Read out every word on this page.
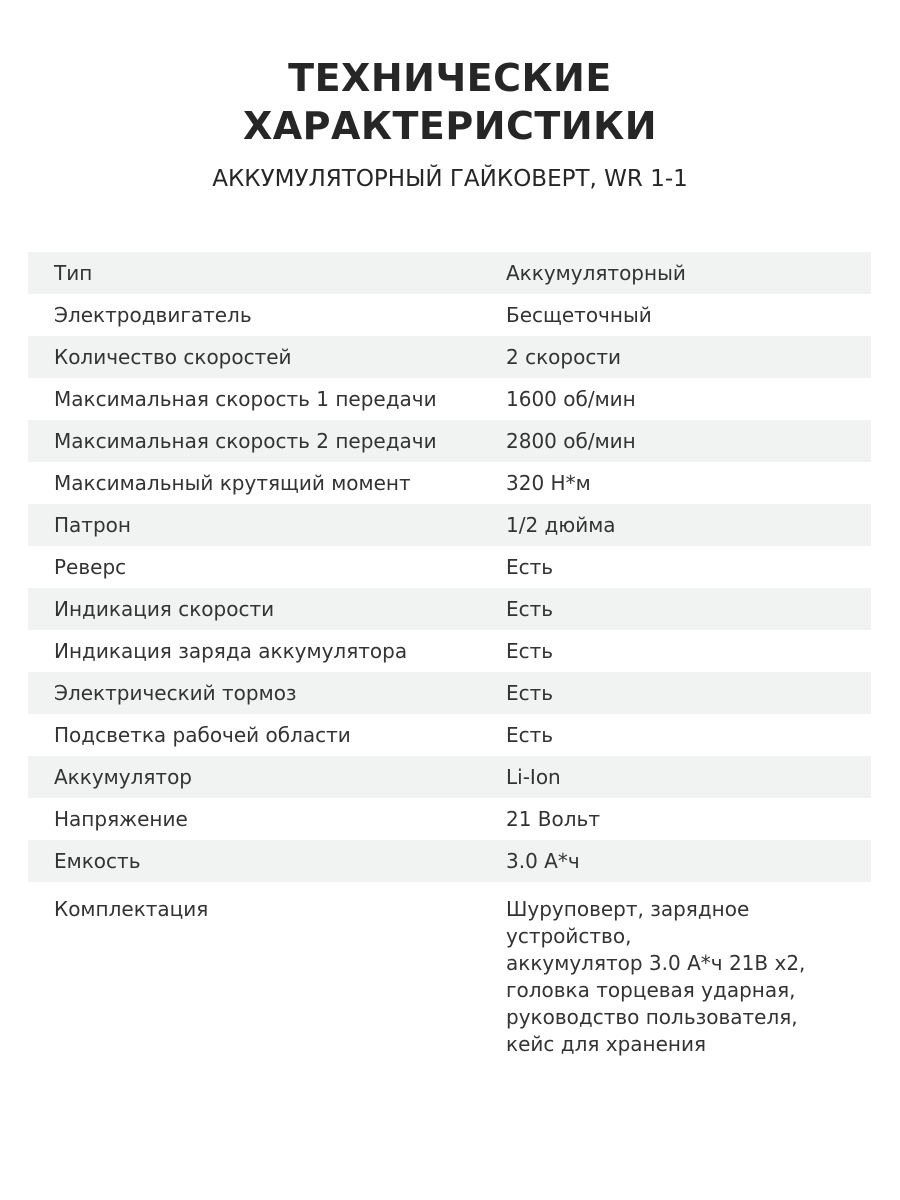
ТЕХНИЧЕСКИЕ
ХАРАКТЕРИСТИКИ
АККУМУЛЯТОРНЫЙ ГАЙКОВЕРТ, WR 1-1
Тип	Аккумуляторный
Электродвигатель	Бесщеточный
Количество скоростей	2 скорости
Максимальная скорость 1 передачи	1600 об/мин
Максимальная скорость 2 передачи	2800 об/мин
Максимальный крутящий момент	320 Н*м
Патрон	1/2 дюйма
Реверс	Есть
Индикация скорости	Есть
Индикация заряда аккумулятора	Есть
Электрический тормоз	Есть
Подсветка рабочей области	Есть
Аккумулятор	Li-Ion
Напряжение	21 Вольт
Емкость	3.0 А*ч
Комплектация	Шуруповерт, зарядное устройство,
аккумулятор 3.0 А*ч 21В х2,
головка торцевая ударная,
руководство пользователя,
кейс для хранения
